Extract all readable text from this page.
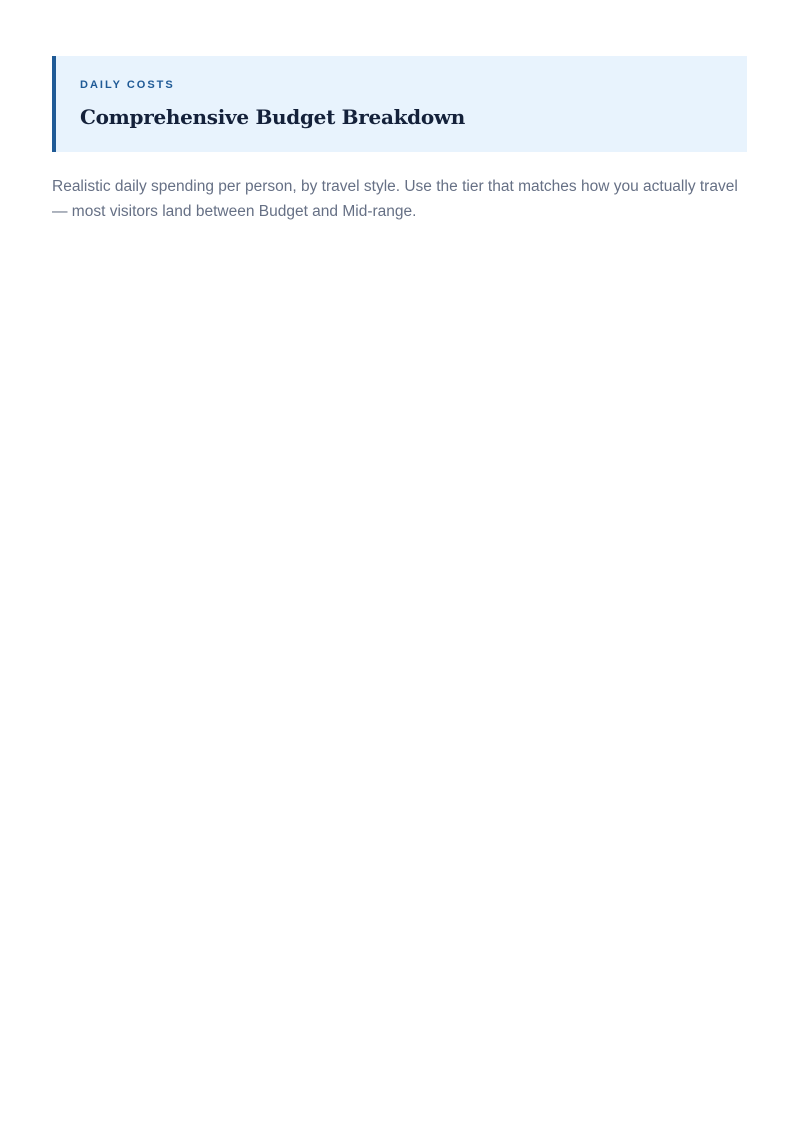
DAILY COSTS
Comprehensive Budget Breakdown

Realistic daily spending per person, by travel style. Use the tier that matches how you actually travel — most visitors land between Budget and Mid-range.
